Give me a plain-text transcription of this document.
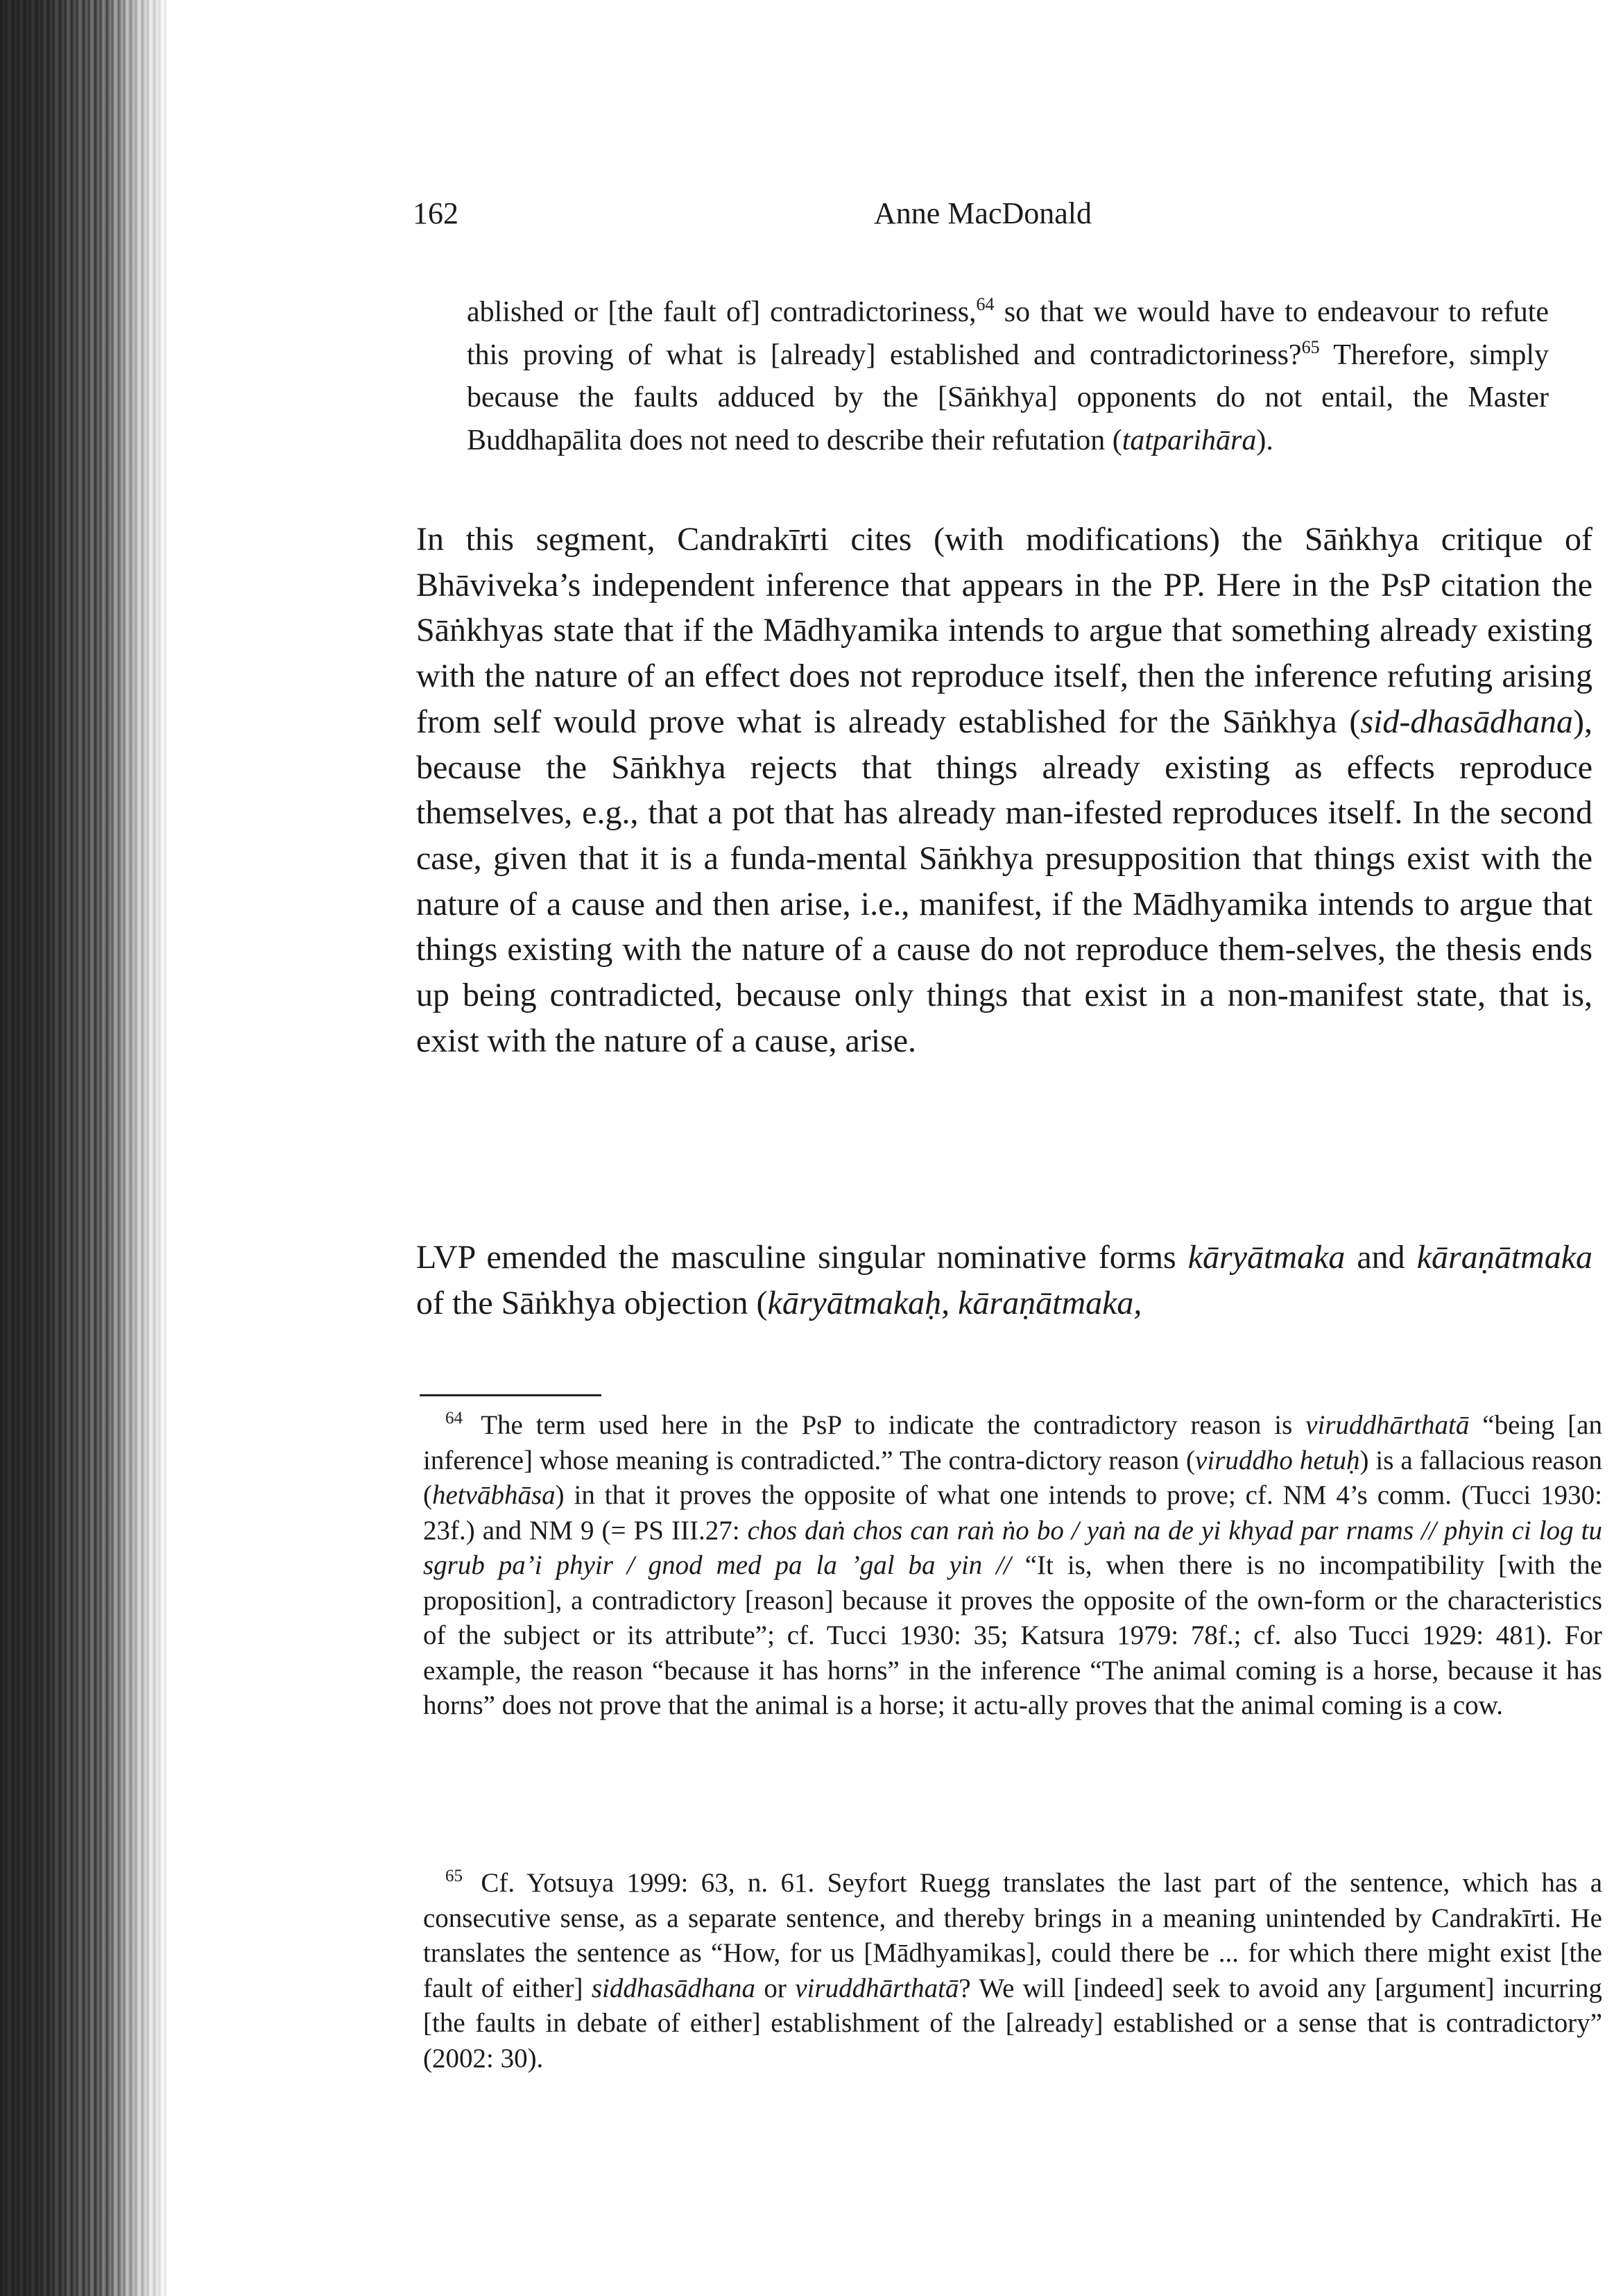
162	Anne MacDonald
ablished or [the fault of] contradictoriness,$^{64}$ so that we would have to endeavour to refute this proving of what is [already] established and contradictoriness?$^{65}$ Therefore, simply because the faults adduced by the [Sāṅkhya] opponents do not entail, the Master Buddhapālita does not need to describe their refutation (tatparihāra).
In this segment, Candrakīrti cites (with modifications) the Sāṅkhya critique of Bhāviveka’s independent inference that appears in the PP. Here in the PsP citation the Sāṅkhyas state that if the Mādhyamika intends to argue that something already existing with the nature of an effect does not reproduce itself, then the inference refuting arising from self would prove what is already established for the Sāṅkhya (sid-dhasādhana), because the Sāṅkhya rejects that things already existing as effects reproduce themselves, e.g., that a pot that has already man-ifested reproduces itself. In the second case, given that it is a funda-mental Sāṅkhya presupposition that things exist with the nature of a cause and then arise, i.e., manifest, if the Mādhyamika intends to argue that things existing with the nature of a cause do not reproduce them-selves, the thesis ends up being contradicted, because only things that exist in a non-manifest state, that is, exist with the nature of a cause, arise.
LVP emended the masculine singular nominative forms kāryātmaka and kāraṇātmaka of the Sāṅkhya objection (kāryātmakaḥ, kāraṇātmaka,
$^{64}$ The term used here in the PsP to indicate the contradictory reason is viruddhārthatā “being [an inference] whose meaning is contradicted.” The contra-dictory reason (viruddho hetuḥ) is a fallacious reason (hetvābhāsa) in that it proves the opposite of what one intends to prove; cf. NM 4’s comm. (Tucci 1930: 23f.) and NM 9 (= PS III.27: chos daṅ chos can raṅ ṅo bo / yaṅ na de yi khyad par rnams // phyin ci log tu sgrub pa’i phyir / gnod med pa la ’gal ba yin // “It is, when there is no incompatibility [with the proposition], a contradictory [reason] because it proves the opposite of the own-form or the characteristics of the subject or its attribute”; cf. Tucci 1930: 35; Katsura 1979: 78f.; cf. also Tucci 1929: 481). For example, the reason “because it has horns” in the inference “The animal coming is a horse, because it has horns” does not prove that the animal is a horse; it actu-ally proves that the animal coming is a cow.
$^{65}$ Cf. Yotsuya 1999: 63, n. 61. Seyfort Ruegg translates the last part of the sentence, which has a consecutive sense, as a separate sentence, and thereby brings in a meaning unintended by Candrakīrti. He translates the sentence as “How, for us [Mādhyamikas], could there be ... for which there might exist [the fault of either] siddhasādhana or viruddhārthatā? We will [indeed] seek to avoid any [argument] incurring [the faults in debate of either] establishment of the [already] established or a sense that is contradictory” (2002: 30).
